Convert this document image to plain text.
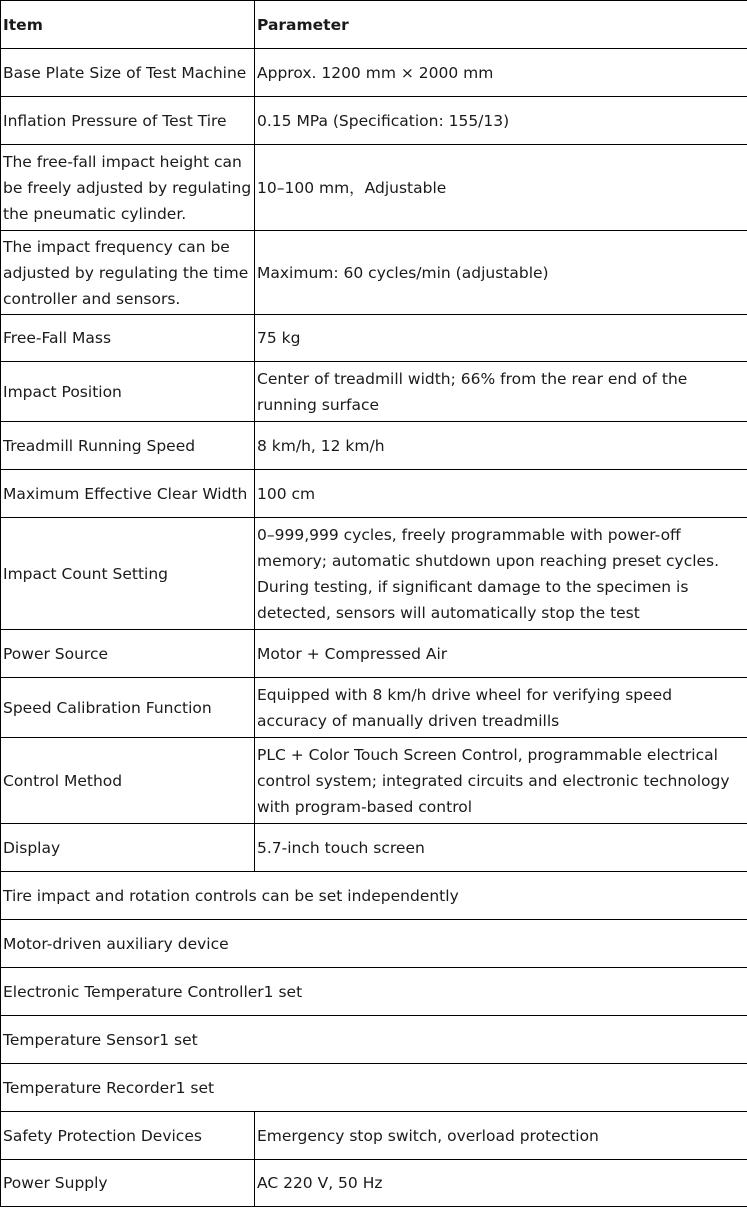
Item	Parameter
Base Plate Size of Test Machine	Approx. 1200 mm × 2000 mm
Inflation Pressure of Test Tire	0.15 MPa (Specification: 155/13)
The free-fall impact height can be freely adjusted by regulating the pneumatic cylinder.	10–100 mm，Adjustable
The impact frequency can be adjusted by regulating the time controller and sensors.	Maximum: 60 cycles/min (adjustable)
Free-Fall Mass	75 kg
Impact Position	Center of treadmill width; 66% from the rear end of the running surface
Treadmill Running Speed	8 km/h, 12 km/h
Maximum Effective Clear Width	100 cm
Impact Count Setting	0–999,999 cycles, freely programmable with power-off memory; automatic shutdown upon reaching preset cycles. During testing, if significant damage to the specimen is detected, sensors will automatically stop the test
Power Source	Motor + Compressed Air
Speed Calibration Function	Equipped with 8 km/h drive wheel for verifying speed accuracy of manually driven treadmills
Control Method	PLC + Color Touch Screen Control, programmable electrical control system; integrated circuits and electronic technology with program-based control
Display	5.7-inch touch screen
Tire impact and rotation controls can be set independently	
Motor-driven auxiliary device	
Electronic Temperature Controller1 set	
Temperature Sensor1 set	
Temperature Recorder1 set	
Safety Protection Devices	Emergency stop switch, overload protection
Power Supply	AC 220 V, 50 Hz
